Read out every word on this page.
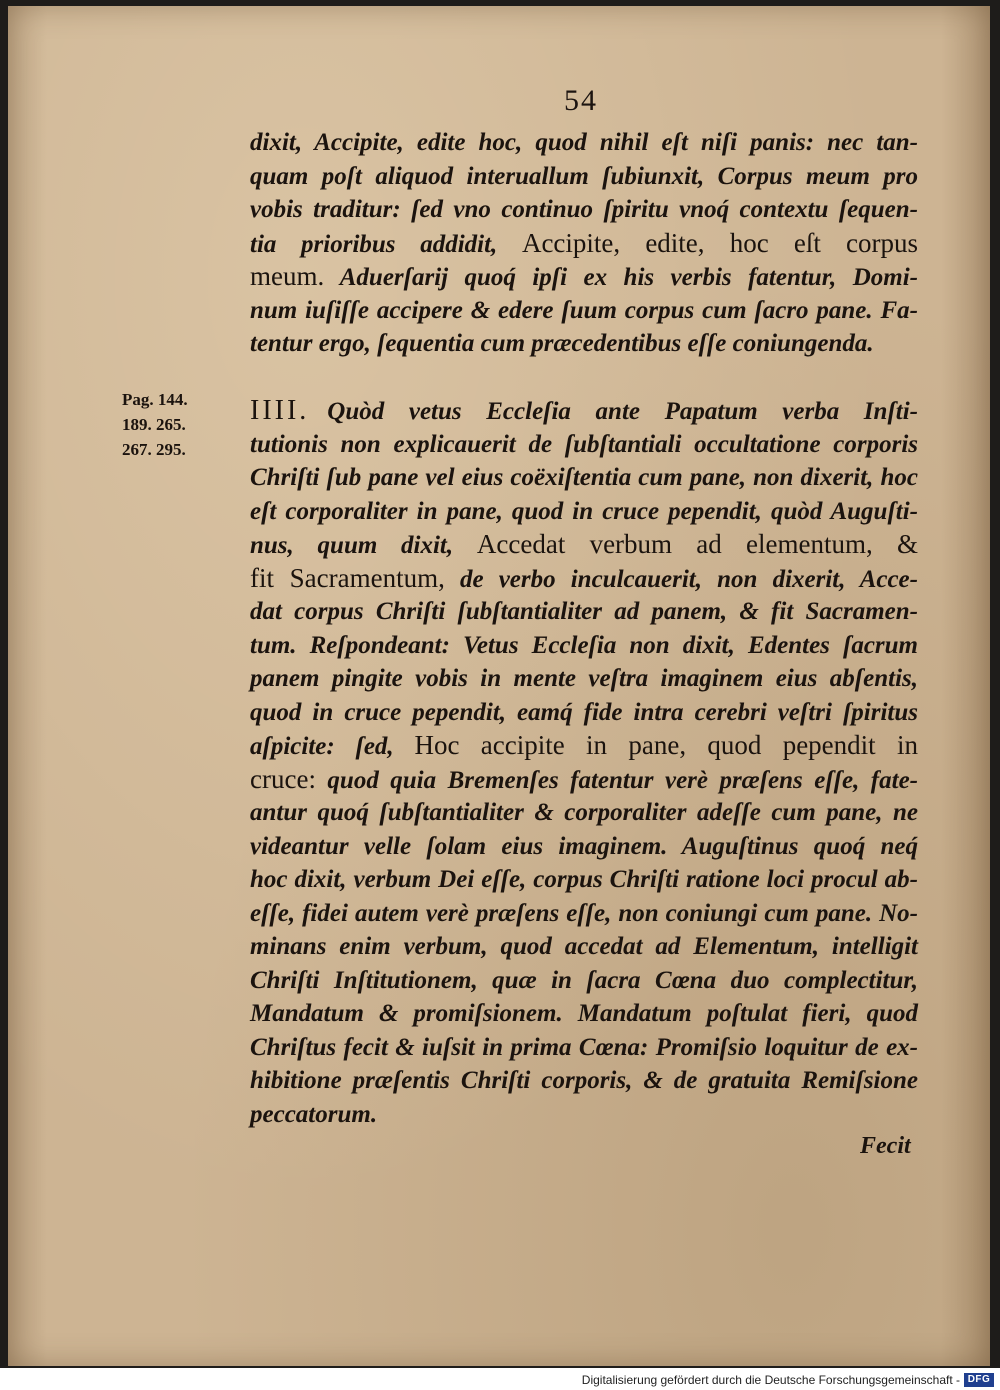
54
dixit, Accipite, edite hoc, quod nihil eſt niſi panis: nec tan-
quam poſt aliquod interuallum ſubiunxit, Corpus meum pro
vobis traditur: ſed vno continuo ſpiritu vnoq́ contextu ſequen-
tia prioribus addidit, Accipite, edite, hoc eſt corpus
meum. Aduerſarij quoq́ ipſi ex his verbis fatentur, Domi-
num iuſiſſe accipere & edere ſuum corpus cum ſacro pane. Fa-
tentur ergo, ſequentia cum præcedentibus eſſe coniungenda.
Pag. 144.
189. 265.
267. 295.
IIII. Quòd vetus Eccleſia ante Papatum verba Inſti-
tutionis non explicauerit de ſubſtantiali occultatione corporis
Chriſti ſub pane vel eius coëxiſtentia cum pane, non dixerit, hoc
eſt corporaliter in pane, quod in cruce pependit, quòd Auguſti-
nus, quum dixit, Accedat verbum ad elementum, &
fit Sacramentum, de verbo inculcauerit, non dixerit, Acce-
dat corpus Chriſti ſubſtantialiter ad panem, & fit Sacramen-
tum. Reſpondeant: Vetus Eccleſia non dixit, Edentes ſacrum
panem pingite vobis in mente veſtra imaginem eius abſentis,
quod in cruce pependit, eamq́ fide intra cerebri veſtri ſpiritus
aſpicite: ſed, Hoc accipite in pane, quod pependit in
cruce: quod quia Bremenſes fatentur verè præſens eſſe, fate-
antur quoq́ ſubſtantialiter & corporaliter adeſſe cum pane, ne
videantur velle ſolam eius imaginem. Auguſtinus quoq́ neq́
hoc dixit, verbum Dei eſſe, corpus Chriſti ratione loci procul ab-
eſſe, fidei autem verè præſens eſſe, non coniungi cum pane. No-
minans enim verbum, quod accedat ad Elementum, intelligit
Chriſti Inſtitutionem, quæ in ſacra Cœna duo complectitur,
Mandatum & promiſsionem. Mandatum poſtulat fieri, quod
Chriſtus fecit & iuſsit in prima Cœna: Promiſsio loquitur de ex-
hibitione præſentis Chriſti corporis, & de gratuita Remiſsione
peccatorum.
Fecit
Digitalisierung gefördert durch die Deutsche Forschungsgemeinschaft - DFG
